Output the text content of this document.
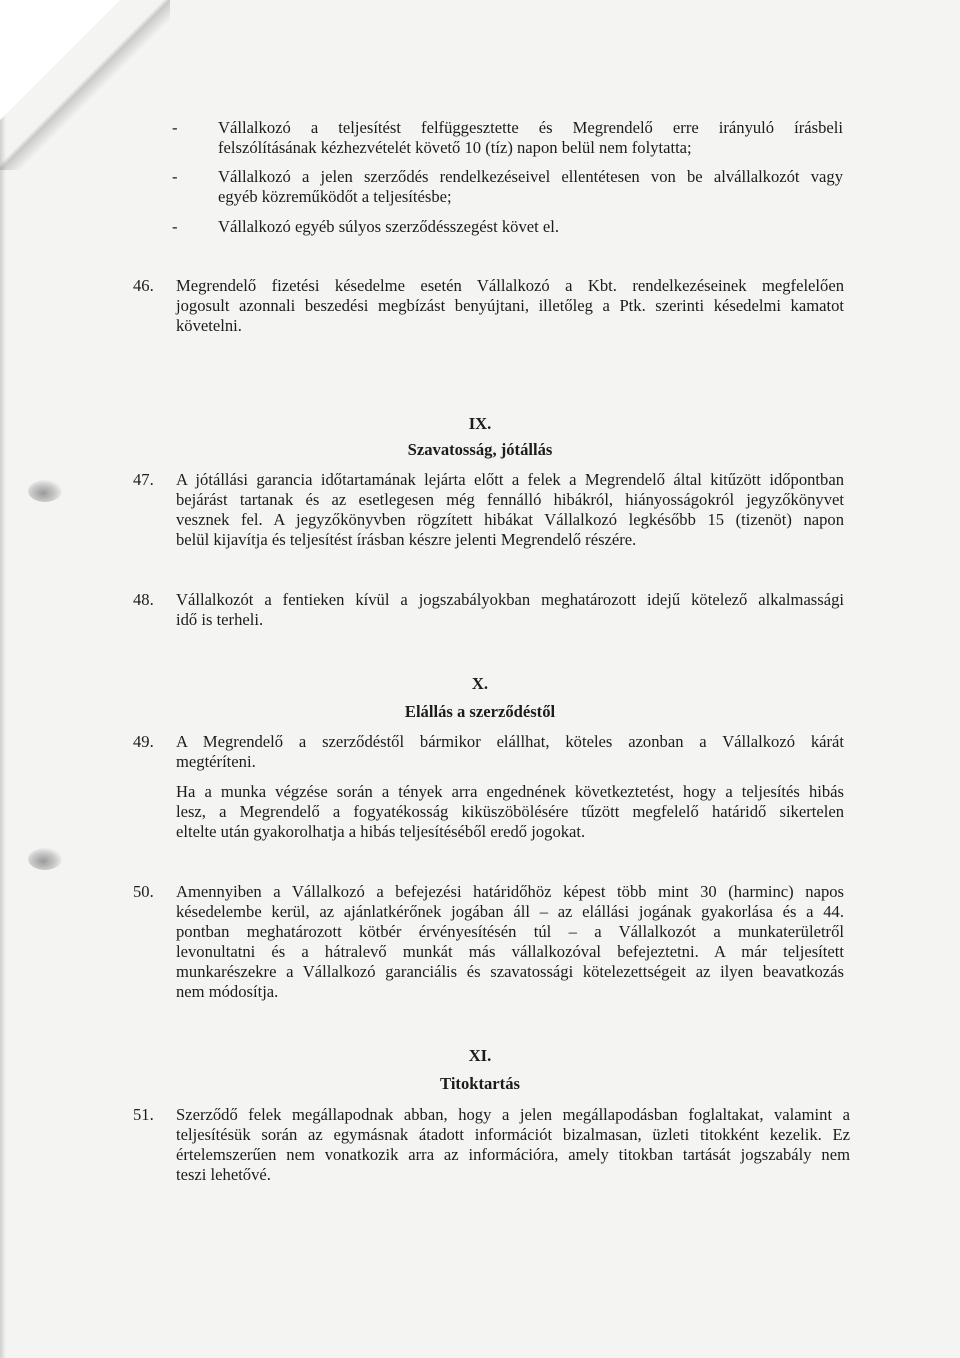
- Vállalkozó a teljesítést felfüggesztette és Megrendelő erre irányuló írásbeli
felszólításának kézhezvételét követő 10 (tíz) napon belül nem folytatta;
- Vállalkozó a jelen szerződés rendelkezéseivel ellentétesen von be alvállalkozót vagy
egyéb közreműködőt a teljesítésbe;
- Vállalkozó egyéb súlyos szerződésszegést követ el.
46. Megrendelő fizetési késedelme esetén Vállalkozó a Kbt. rendelkezéseinek megfelelően
jogosult azonnali beszedési megbízást benyújtani, illetőleg a Ptk. szerinti késedelmi kamatot
követelni.
IX.
Szavatosság, jótállás
47. A jótállási garancia időtartamának lejárta előtt a felek a Megrendelő által kitűzött időpontban
bejárást tartanak és az esetlegesen még fennálló hibákról, hiányosságokról jegyzőkönyvet
vesznek fel. A jegyzőkönyvben rögzített hibákat Vállalkozó legkésőbb 15 (tizenöt) napon
belül kijavítja és teljesítést írásban készre jelenti Megrendelő részére.
48. Vállalkozót a fentieken kívül a jogszabályokban meghatározott idejű kötelező alkalmassági
idő is terheli.
X.
Elállás a szerződéstől
49. A Megrendelő a szerződéstől bármikor elállhat, köteles azonban a Vállalkozó kárát
megtéríteni.
Ha a munka végzése során a tények arra engednének következtetést, hogy a teljesítés hibás
lesz, a Megrendelő a fogyatékosság kiküszöbölésére tűzött megfelelő határidő sikertelen
eltelte után gyakorolhatja a hibás teljesítéséből eredő jogokat.
50. Amennyiben a Vállalkozó a befejezési határidőhöz képest több mint 30 (harminc) napos
késedelembe kerül, az ajánlatkérőnek jogában áll – az elállási jogának gyakorlása és a 44.
pontban meghatározott kötbér érvényesítésén túl – a Vállalkozót a munkaterületről
levonultatni és a hátralevő munkát más vállalkozóval befejeztetni. A már teljesített
munkarészekre a Vállalkozó garanciális és szavatossági kötelezettségeit az ilyen beavatkozás
nem módosítja.
XI.
Titoktartás
51. Szerződő felek megállapodnak abban, hogy a jelen megállapodásban foglaltakat, valamint a
teljesítésük során az egymásnak átadott információt bizalmasan, üzleti titokként kezelik. Ez
értelemszerűen nem vonatkozik arra az információra, amely titokban tartását jogszabály nem
teszi lehetővé.
